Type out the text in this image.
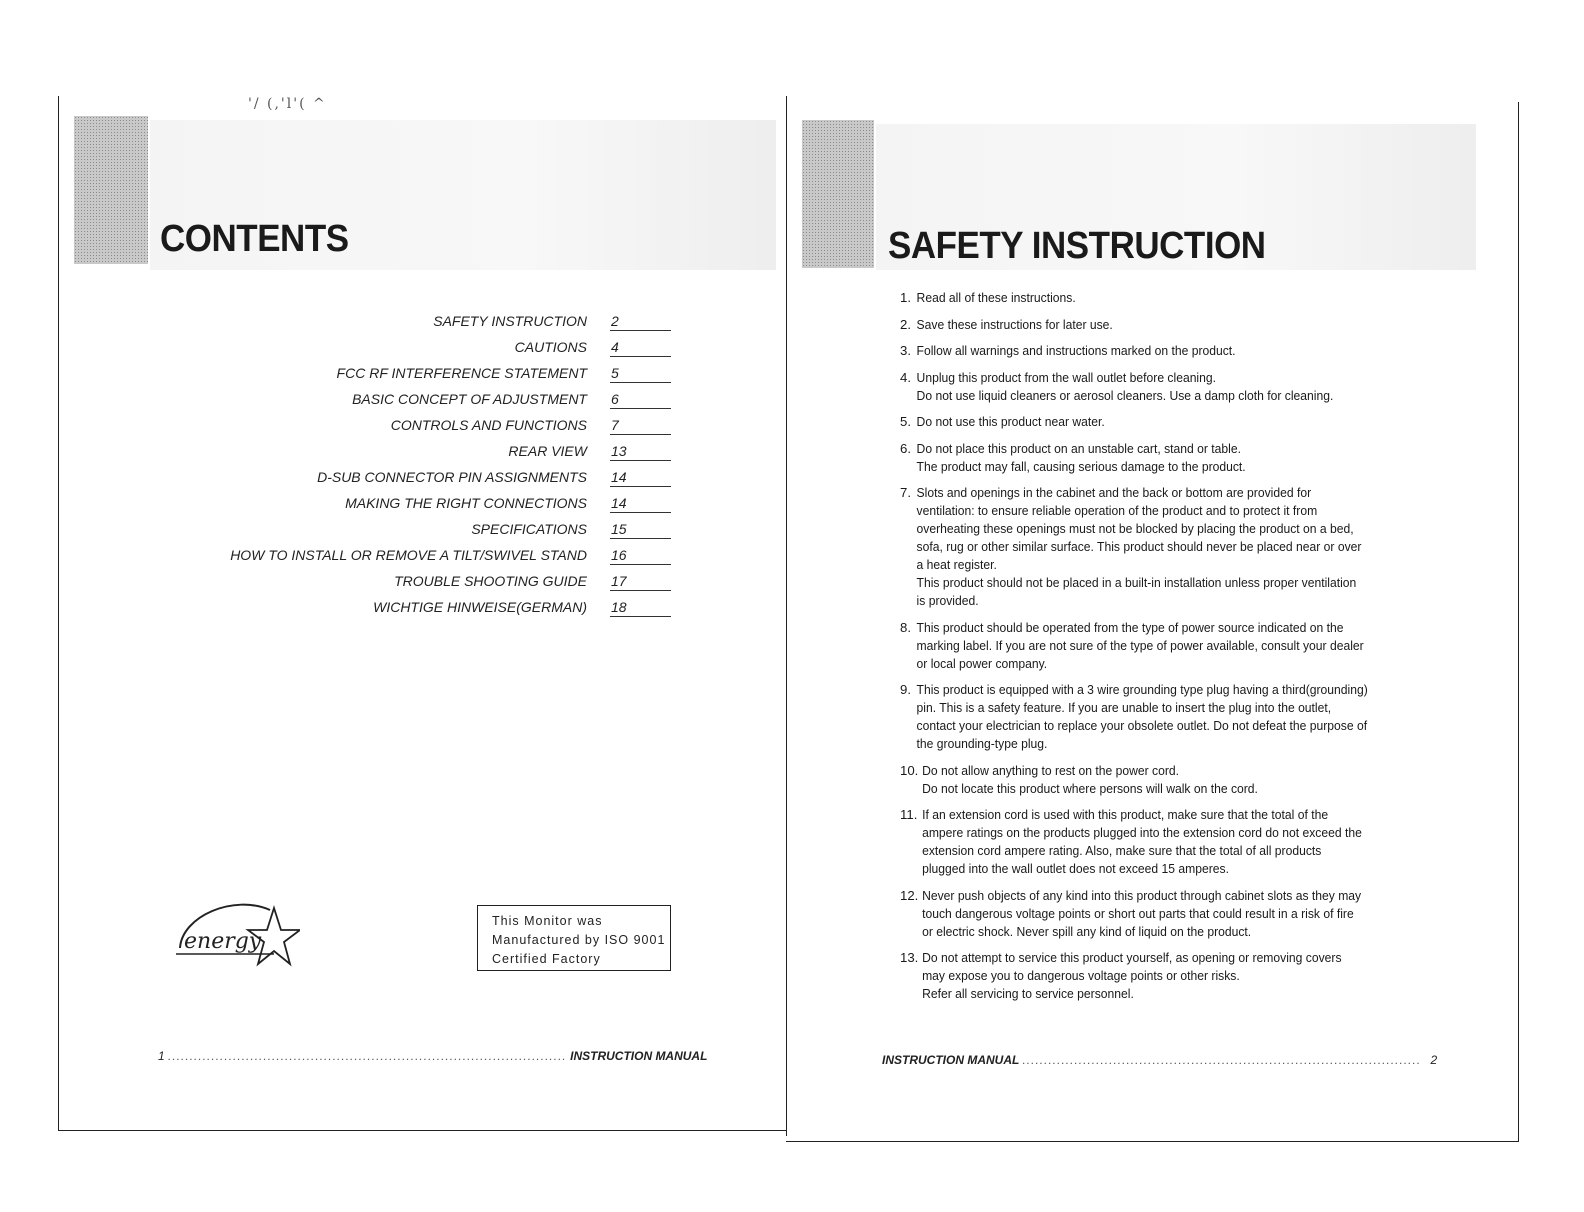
'/ (,'l'( ^
CONTENTS
SAFETY INSTRUCTION 2
CAUTIONS 4
FCC RF INTERFERENCE STATEMENT 5
BASIC CONCEPT OF ADJUSTMENT 6
CONTROLS AND FUNCTIONS 7
REAR VIEW 13
D-SUB CONNECTOR PIN ASSIGNMENTS 14
MAKING THE RIGHT CONNECTIONS 14
SPECIFICATIONS 15
HOW TO INSTALL OR REMOVE A TILT/SWIVEL STAND 16
TROUBLE SHOOTING GUIDE 17
WICHTIGE HINWEISE(GERMAN) 18
energy
This Monitor was
Manufactured by ISO 9001
Certified Factory
1 ............................................................................................ INSTRUCTION MANUAL
SAFETY INSTRUCTION
1. Read all of these instructions.
2. Save these instructions for later use.
3. Follow all warnings and instructions marked on the product.
4. Unplug this product from the wall outlet before cleaning.
Do not use liquid cleaners or aerosol cleaners. Use a damp cloth for cleaning.
5. Do not use this product near water.
6. Do not place this product on an unstable cart, stand or table.
The product may fall, causing serious damage to the product.
7. Slots and openings in the cabinet and the back or bottom are provided for
ventilation: to ensure reliable operation of the product and to protect it from
overheating these openings must not be blocked by placing the product on a bed,
sofa, rug or other similar surface. This product should never be placed near or over
a heat register.
This product should not be placed in a built-in installation unless proper ventilation
is provided.
8. This product should be operated from the type of power source indicated on the
marking label. If you are not sure of the type of power available, consult your dealer
or local power company.
9. This product is equipped with a 3 wire grounding type plug having a third(grounding)
pin. This is a safety feature. If you are unable to insert the plug into the outlet,
contact your electrician to replace your obsolete outlet. Do not defeat the purpose of
the grounding-type plug.
10. Do not allow anything to rest on the power cord.
Do not locate this product where persons will walk on the cord.
11. If an extension cord is used with this product, make sure that the total of the
ampere ratings on the products plugged into the extension cord do not exceed the
extension cord ampere rating. Also, make sure that the total of all products
plugged into the wall outlet does not exceed 15 amperes.
12. Never push objects of any kind into this product through cabinet slots as they may
touch dangerous voltage points or short out parts that could result in a risk of fire
or electric shock. Never spill any kind of liquid on the product.
13. Do not attempt to service this product yourself, as opening or removing covers
may expose you to dangerous voltage points or other risks.
Refer all servicing to service personnel.
INSTRUCTION MANUAL ............................................................................................ 2
